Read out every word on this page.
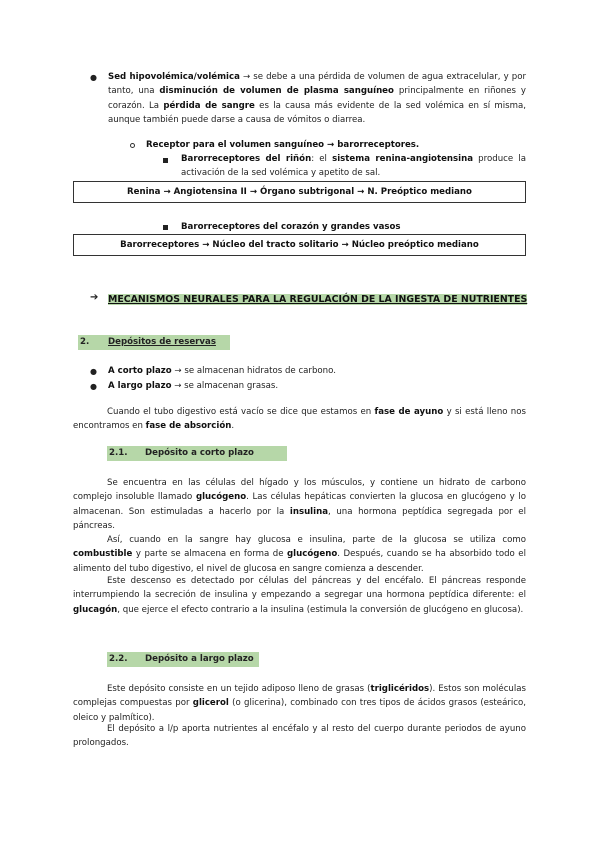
● Sed hipovolémica/volémica → se debe a una pérdida de volumen de agua extracelular, y por tanto, una disminución de volumen de plasma sanguíneo principalmente en riñones y corazón. La pérdida de sangre es la causa más evidente de la sed volémica en sí misma, aunque también puede darse a causa de vómitos o diarrea.

Receptor para el volumen sanguíneo → barorreceptores.

Barorreceptores del riñón: el sistema renina-angiotensina produce la activación de la sed volémica y apetito de sal.

Renina → Angiotensina II → Órgano subtrigonal → N. Preóptico mediano

Barorreceptores del corazón y grandes vasos

Barorreceptores → Núcleo del tracto solitario → Núcleo preóptico mediano
➔ MECANISMOS NEURALES PARA LA REGULACIÓN DE LA INGESTA DE NUTRIENTES

2. Depósitos de reservas
● A corto plazo → se almacenan hidratos de carbono.

● A largo plazo → se almacenan grasas.

Cuando el tubo digestivo está vacío se dice que estamos en fase de ayuno y si está lleno nos encontramos en fase de absorción.

2.1. Depósito a corto plazo

Se encuentra en las células del hígado y los músculos, y contiene un hidrato de carbono complejo insoluble llamado glucógeno. Las células hepáticas convierten la glucosa en glucógeno y lo almacenan. Son estimuladas a hacerlo por la insulina, una hormona peptídica segregada por el páncreas.

Así, cuando en la sangre hay glucosa e insulina, parte de la glucosa se utiliza como combustible y parte se almacena en forma de glucógeno. Después, cuando se ha absorbido todo el alimento del tubo digestivo, el nivel de glucosa en sangre comienza a descender.

Este descenso es detectado por células del páncreas y del encéfalo. El páncreas responde interrumpiendo la secreción de insulina y empezando a segregar una hormona peptídica diferente: el glucagón, que ejerce el efecto contrario a la insulina (estimula la conversión de glucógeno en glucosa).

2.2. Depósito a largo plazo

Este depósito consiste en un tejido adiposo lleno de grasas (triglicéridos). Estos son moléculas complejas compuestas por glicerol (o glicerina), combinado con tres tipos de ácidos grasos (esteárico, oleico y palmítico).

El depósito a l/p aporta nutrientes al encéfalo y al resto del cuerpo durante periodos de ayuno prolongados.
